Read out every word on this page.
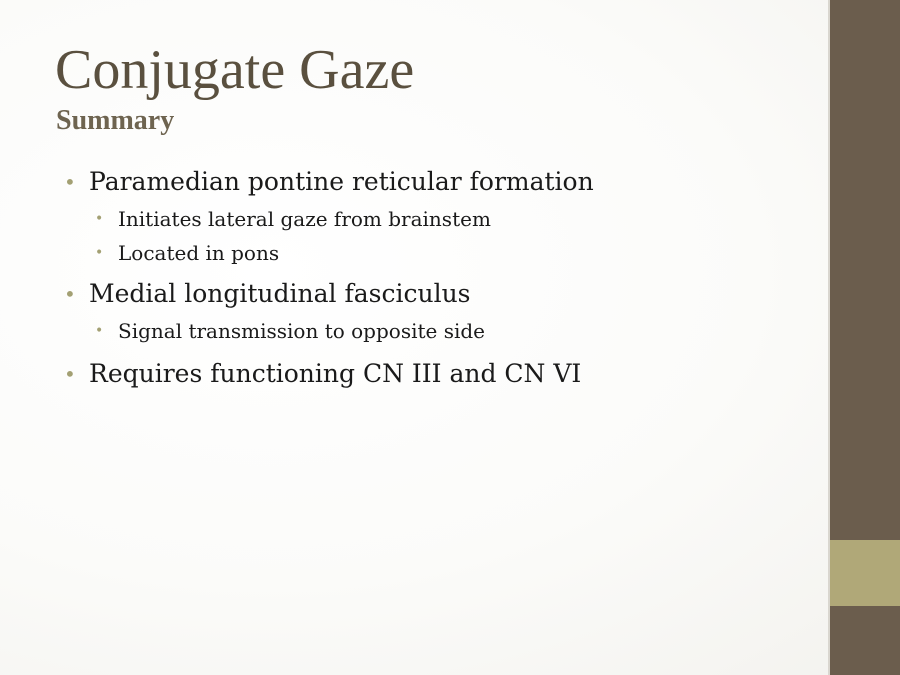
Conjugate Gaze
Summary
• Paramedian pontine reticular formation
• Initiates lateral gaze from brainstem
• Located in pons
• Medial longitudinal fasciculus
• Signal transmission to opposite side
• Requires functioning CN III and CN VI
